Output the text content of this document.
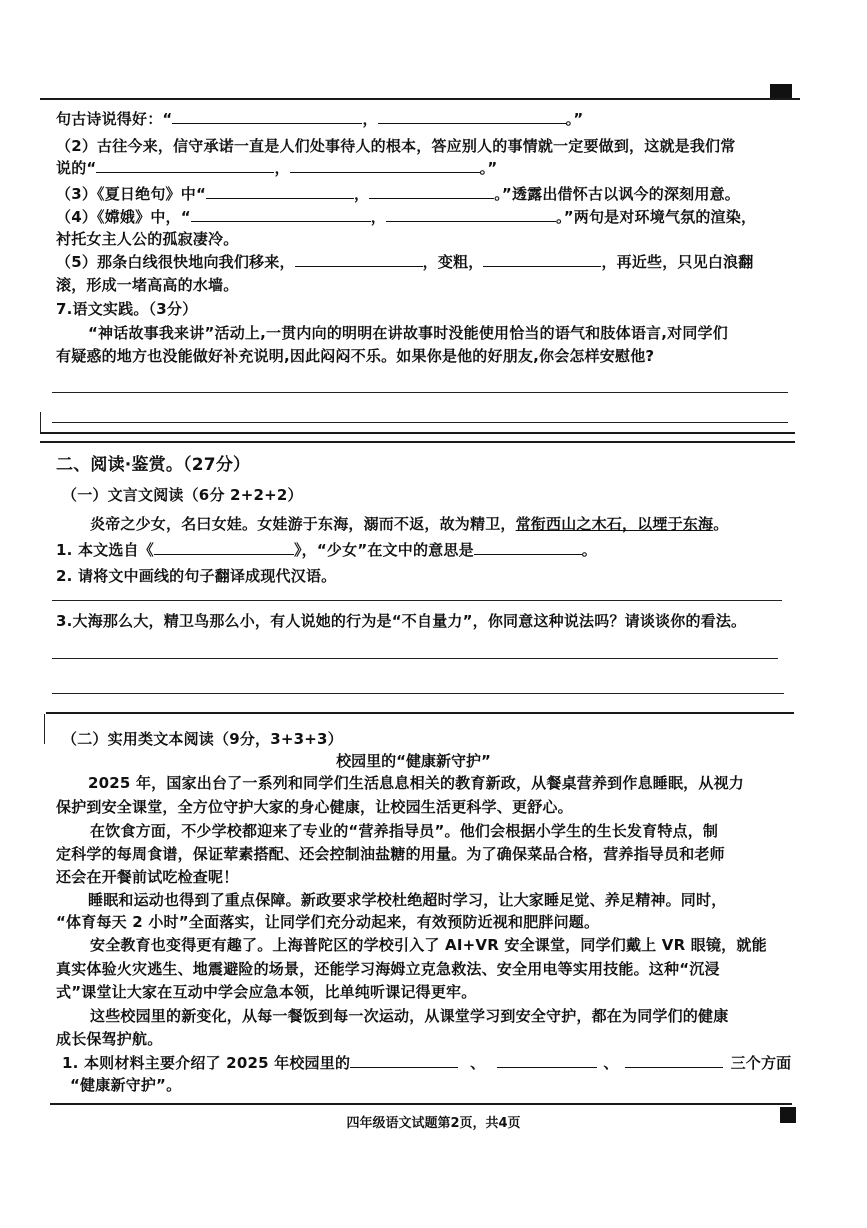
句古诗说得好：“	，	。”
（2）古往今来，信守承诺一直是人们处事待人的根本，答应别人的事情就一定要做到，这就是我们常
说的“	，	。”
（3）《夏日绝句》中“	，	。”透露出借怀古以讽今的深刻用意。
（4）《嫦娥》中，“	，	。”两句是对环境气氛的渲染，
衬托女主人公的孤寂凄冷。
（5）那条白线很快地向我们移来，	，变粗，	，再近些，只见白浪翻
滚，形成一堵高高的水墙。
7.语文实践。（3分）
“神话故事我来讲”活动上,一贯内向的明明在讲故事时没能使用恰当的语气和肢体语言,对同学们
有疑惑的地方也没能做好补充说明,因此闷闷不乐。如果你是他的好朋友,你会怎样安慰他?
二、阅读·鉴赏。（27分）
（一）文言文阅读（6分 2+2+2）
炎帝之少女，名曰女娃。女娃游于东海，溺而不返，故为精卫，常衔西山之木石，以堙于东海。
1. 本文选自《	》，“少女”在文中的意思是	。
2. 请将文中画线的句子翻译成现代汉语。
3.大海那么大，精卫鸟那么小，有人说她的行为是“不自量力”，你同意这种说法吗？请谈谈你的看法。
（二）实用类文本阅读（9分，3+3+3）
校园里的“健康新守护”
2025 年，国家出台了一系列和同学们生活息息相关的教育新政，从餐桌营养到作息睡眠，从视力
保护到安全课堂，全方位守护大家的身心健康，让校园生活更科学、更舒心。
在饮食方面，不少学校都迎来了专业的“营养指导员”。他们会根据小学生的生长发育特点，制
定科学的每周食谱，保证荤素搭配、还会控制油盐糖的用量。为了确保菜品合格，营养指导员和老师
还会在开餐前试吃检查呢！
睡眠和运动也得到了重点保障。新政要求学校杜绝超时学习，让大家睡足觉、养足精神。同时，
“体育每天 2 小时”全面落实，让同学们充分动起来，有效预防近视和肥胖问题。
安全教育也变得更有趣了。上海普陀区的学校引入了 AI+VR 安全课堂，同学们戴上 VR 眼镜，就能
真实体验火灾逃生、地震避险的场景，还能学习海姆立克急救法、安全用电等实用技能。这种“沉浸
式”课堂让大家在互动中学会应急本领，比单纯听课记得更牢。
这些校园里的新变化，从每一餐饭到每一次运动，从课堂学习到安全守护，都在为同学们的健康
成长保驾护航。
1. 本则材料主要介绍了 2025 年校园里的	、	、	三个方面
“健康新守护”。
四年级语文试题第2页，共4页
